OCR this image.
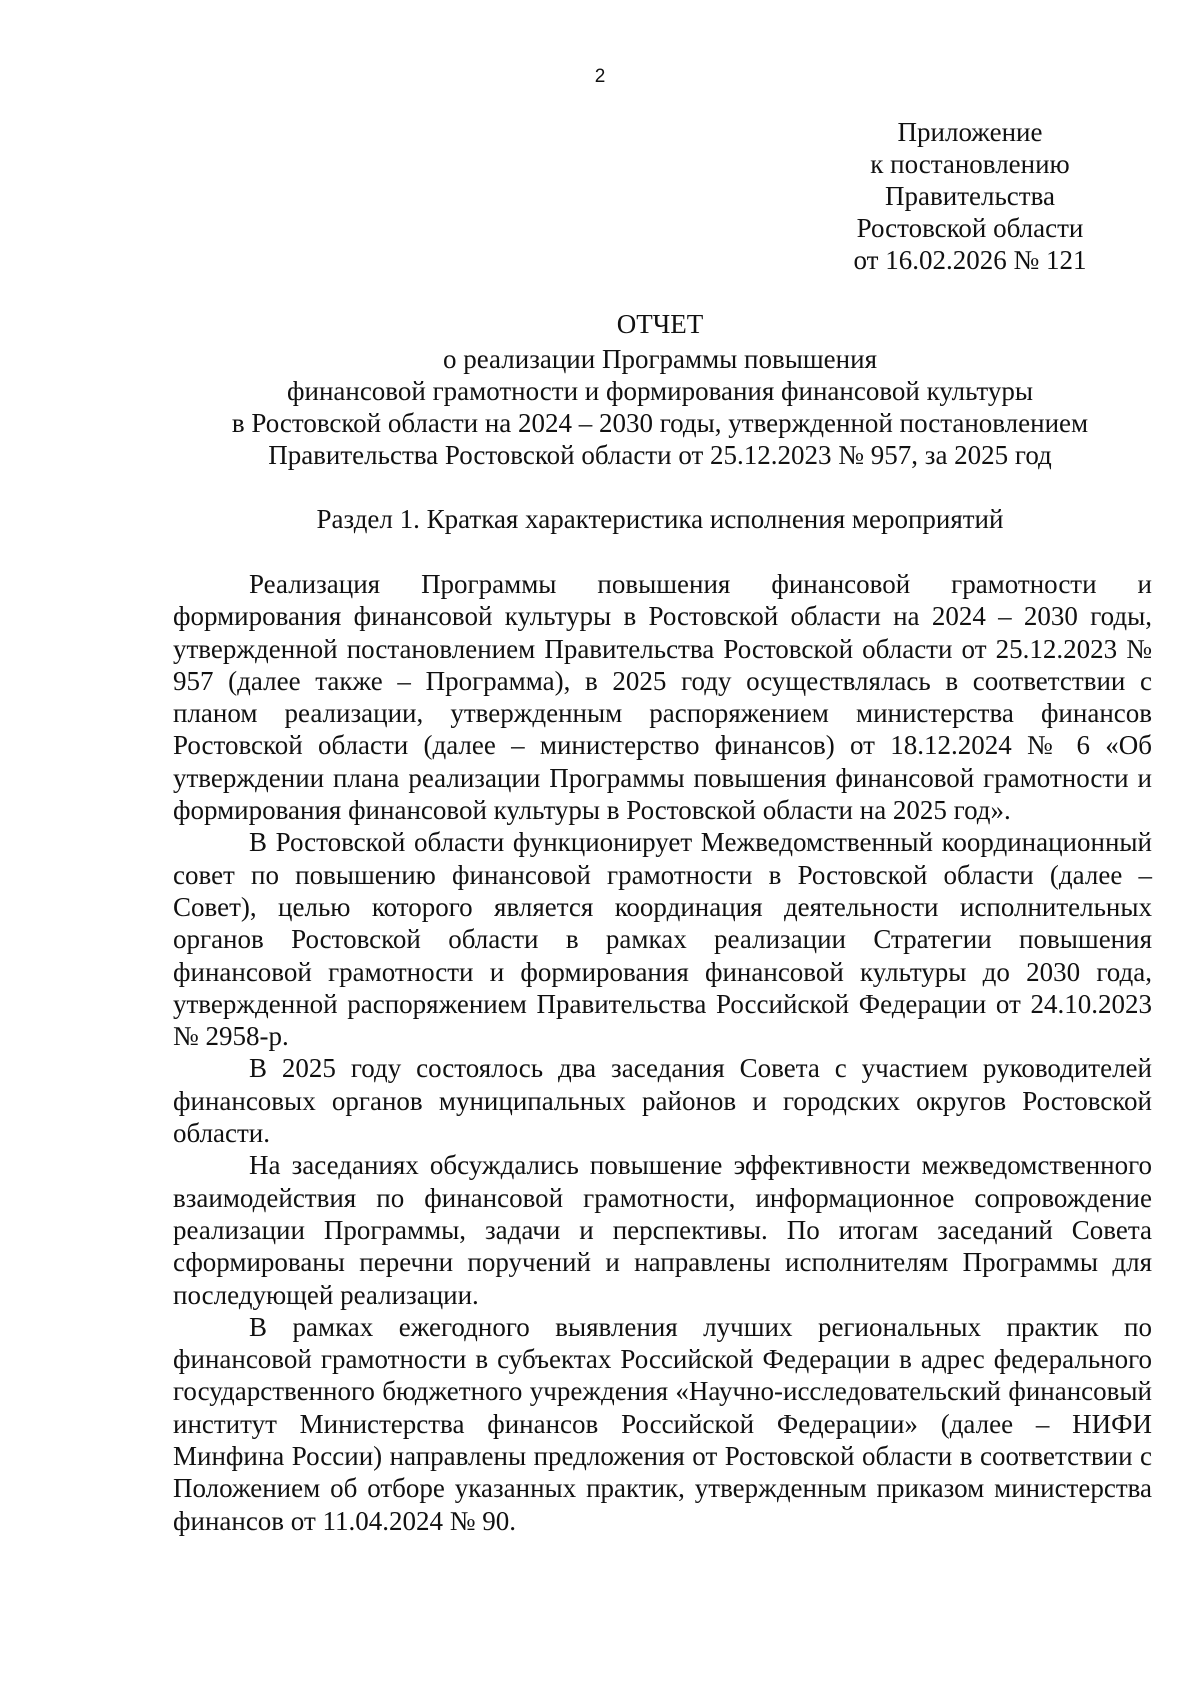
2
Приложение
к постановлению
Правительства
Ростовской области
от 16.02.2026 № 121
ОТЧЕТ
о реализации Программы повышения
финансовой грамотности и формирования финансовой культуры
в Ростовской области на 2024 – 2030 годы, утвержденной постановлением
Правительства Ростовской области от 25.12.2023 № 957, за 2025 год
Раздел 1. Краткая характеристика исполнения мероприятий

Реализация Программы повышения финансовой грамотности и формирования финансовой культуры в Ростовской области на 2024 – 2030 годы, утвержденной постановлением Правительства Ростовской области от 25.12.2023 № 957 (далее также – Программа), в 2025 году осуществлялась в соответствии с планом реализации, утвержденным распоряжением министерства финансов Ростовской области (далее – министерство финансов) от 18.12.2024 № 6 «Об утверждении плана реализации Программы повышения финансовой грамотности и формирования финансовой культуры в Ростовской области на 2025 год».

В Ростовской области функционирует Межведомственный координационный совет по повышению финансовой грамотности в Ростовской области (далее – Совет), целью которого является координация деятельности исполнительных органов Ростовской области в рамках реализации Стратегии повышения финансовой грамотности и формирования финансовой культуры до 2030 года, утвержденной распоряжением Правительства Российской Федерации от 24.10.2023 № 2958-р.

В 2025 году состоялось два заседания Совета с участием руководителей финансовых органов муниципальных районов и городских округов Ростовской области.

На заседаниях обсуждались повышение эффективности межведомственного взаимодействия по финансовой грамотности, информационное сопровождение реализации Программы, задачи и перспективы. По итогам заседаний Совета сформированы перечни поручений и направлены исполнителям Программы для последующей реализации.

В рамках ежегодного выявления лучших региональных практик по финансовой грамотности в субъектах Российской Федерации в адрес федерального государственного бюджетного учреждения «Научно-исследовательский финансовый институт Министерства финансов Российской Федерации» (далее – НИФИ Минфина России) направлены предложения от Ростовской области в соответствии с Положением об отборе указанных практик, утвержденным приказом министерства финансов от 11.04.2024 № 90.
